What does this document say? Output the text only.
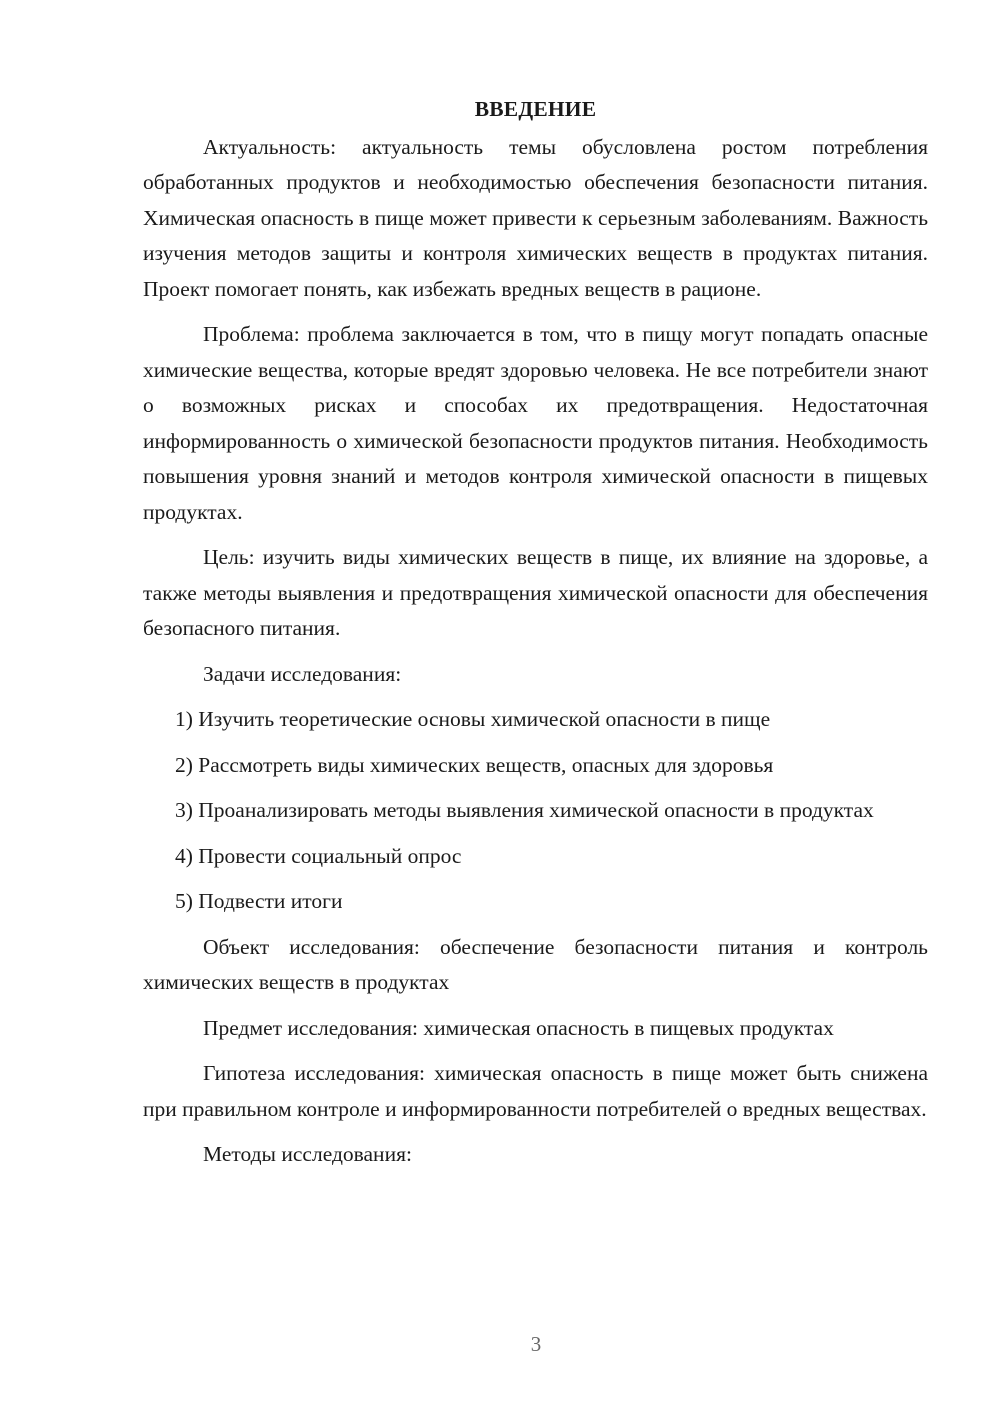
ВВЕДЕНИЕ

Актуальность: актуальность темы обусловлена ростом потребления обработанных продуктов и необходимостью обеспечения безопасности питания. Химическая опасность в пище может привести к серьезным заболеваниям. Важность изучения методов защиты и контроля химических веществ в продуктах питания. Проект помогает понять, как избежать вредных веществ в рационе.

Проблема: проблема заключается в том, что в пищу могут попадать опасные химические вещества, которые вредят здоровью человека. Не все потребители знают о возможных рисках и способах их предотвращения. Недостаточная информированность о химической безопасности продуктов питания. Необходимость повышения уровня знаний и методов контроля химической опасности в пищевых продуктах.

Цель: изучить виды химических веществ в пище, их влияние на здоровье, а также методы выявления и предотвращения химической опасности для обеспечения безопасного питания.

Задачи исследования:

1) Изучить теоретические основы химической опасности в пище

2) Рассмотреть виды химических веществ, опасных для здоровья

3) Проанализировать методы выявления химической опасности в продуктах

4) Провести социальный опрос

5) Подвести итоги

Объект исследования: обеспечение безопасности питания и контроль химических веществ в продуктах

Предмет исследования: химическая опасность в пищевых продуктах

Гипотеза исследования: химическая опасность в пище может быть снижена при правильном контроле и информированности потребителей о вредных веществах.

Методы исследования:

3
